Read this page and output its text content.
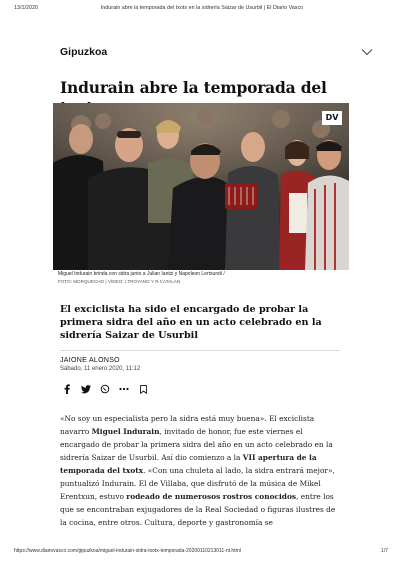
13/1/2020	Indurain abre la temporada del txotx en la sidrería Saizar de Usurbil | El Diario Vasco
Gipuzkoa
Indurain abre la temporada del
DV
Miguel Indurain brinda con sidra junto a Julian Iantzi y Napoleon Lertxundi /
FOTO: MORQUECHO | VÍDEO: I.TROYANO Y R.CATALAN
El exciclista ha sido el encargado de probar la primera sidra del año en un acto celebrado en la sidrería Saizar de Usurbil
JAIONE ALONSO
Sábado, 11 enero 2020, 11:12

«No soy un especialista pero la sidra está muy buena». El exciclista navarro Miguel Indurain, invitado de honor, fue este viernes el encargado de probar la primera sidra del año en un acto celebrado en la sidrería Saizar de Usurbil. Así dio comienzo a la VII apertura de la temporada del txotx. «Con una chuleta al lado, la sidra entrará mejor», puntualizó Indurain. El de Villaba, que disfrutó de la música de Mikel Erentxun, estuvo rodeado de numerosos rostros conocidos, entre los que se encontraban exjugadores de la Real Sociedad o figuras ilustres de la cocina, entre otros. Cultura, deporte y gastronomía se

https://www.diariovasco.com/gipuzkoa/miguel-indurain-sidra-txotx-temporada-20200110213011-nt.html	1/7
